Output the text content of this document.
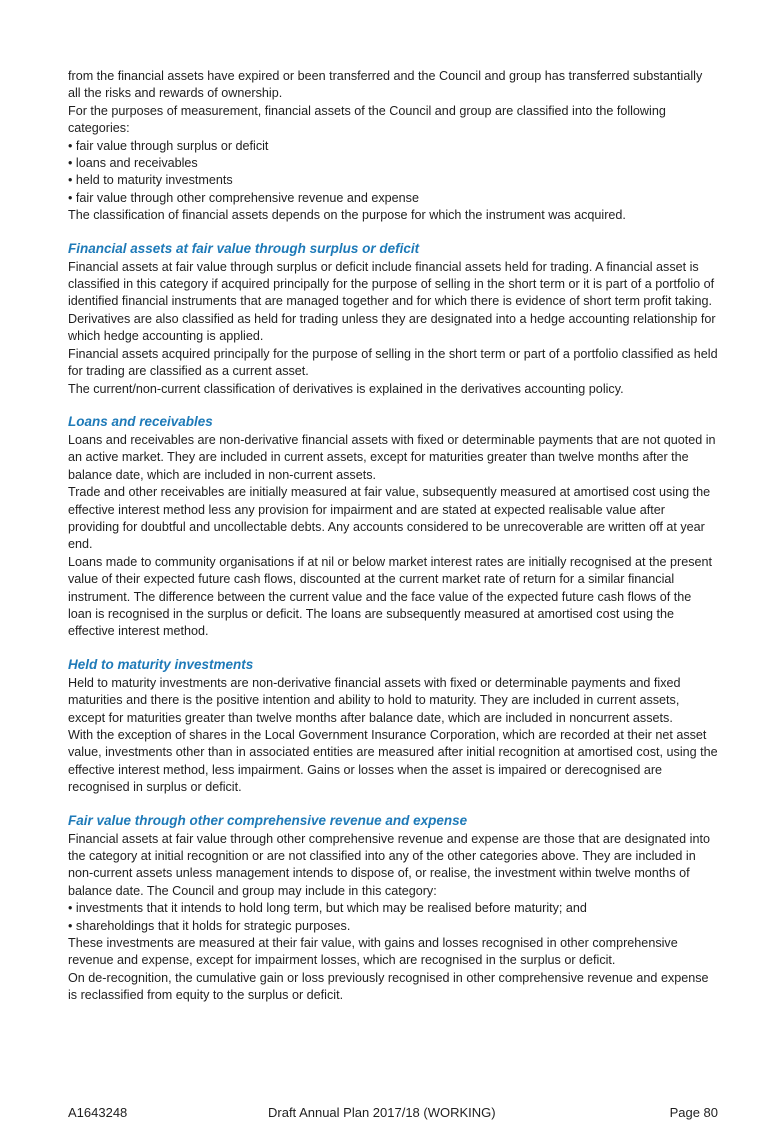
from the financial assets have expired or been transferred and the Council and group has transferred substantially all the risks and rewards of ownership.

For the purposes of measurement, financial assets of the Council and group are classified into the following categories:

• fair value through surplus or deficit

• loans and receivables

• held to maturity investments

• fair value through other comprehensive revenue and expense

The classification of financial assets depends on the purpose for which the instrument was acquired.

Financial assets at fair value through surplus or deficit

Financial assets at fair value through surplus or deficit include financial assets held for trading. A financial asset is classified in this category if acquired principally for the purpose of selling in the short term or it is part of a portfolio of identified financial instruments that are managed together and for which there is evidence of short term profit taking.

Derivatives are also classified as held for trading unless they are designated into a hedge accounting relationship for which hedge accounting is applied.

Financial assets acquired principally for the purpose of selling in the short term or part of a portfolio classified as held for trading are classified as a current asset.

The current/non-current classification of derivatives is explained in the derivatives accounting policy.

Loans and receivables

Loans and receivables are non-derivative financial assets with fixed or determinable payments that are not quoted in an active market. They are included in current assets, except for maturities greater than twelve months after the balance date, which are included in non-current assets.

Trade and other receivables are initially measured at fair value, subsequently measured at amortised cost using the effective interest method less any provision for impairment and are stated at expected realisable value after providing for doubtful and uncollectable debts. Any accounts considered to be unrecoverable are written off at year end.

Loans made to community organisations if at nil or below market interest rates are initially recognised at the present value of their expected future cash flows, discounted at the current market rate of return for a similar financial instrument. The difference between the current value and the face value of the expected future cash flows of the loan is recognised in the surplus or deficit. The loans are subsequently measured at amortised cost using the effective interest method.

Held to maturity investments

Held to maturity investments are non-derivative financial assets with fixed or determinable payments and fixed maturities and there is the positive intention and ability to hold to maturity. They are included in current assets, except for maturities greater than twelve months after balance date, which are included in noncurrent assets.

With the exception of shares in the Local Government Insurance Corporation, which are recorded at their net asset value, investments other than in associated entities are measured after initial recognition at amortised cost, using the effective interest method, less impairment. Gains or losses when the asset is impaired or derecognised are recognised in surplus or deficit.

Fair value through other comprehensive revenue and expense

Financial assets at fair value through other comprehensive revenue and expense are those that are designated into the category at initial recognition or are not classified into any of the other categories above. They are included in non-current assets unless management intends to dispose of, or realise, the investment within twelve months of balance date. The Council and group may include in this category:

• investments that it intends to hold long term, but which may be realised before maturity; and

• shareholdings that it holds for strategic purposes.

These investments are measured at their fair value, with gains and losses recognised in other comprehensive revenue and expense, except for impairment losses, which are recognised in the surplus or deficit.

On de-recognition, the cumulative gain or loss previously recognised in other comprehensive revenue and expense is reclassified from equity to the surplus or deficit.

A1643248	Draft Annual Plan 2017/18 (WORKING)	Page 80
